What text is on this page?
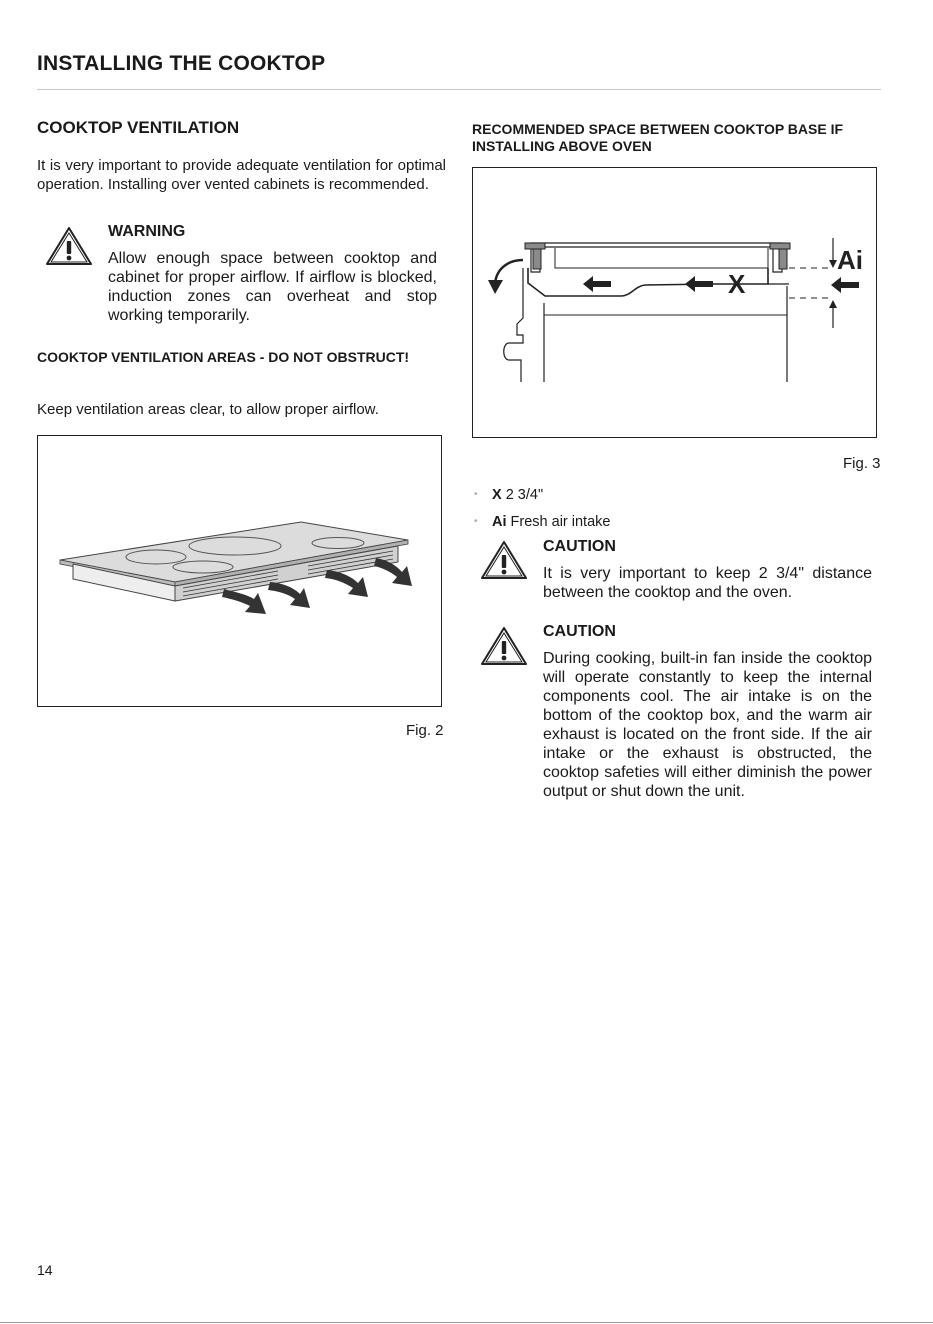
INSTALLING THE COOKTOP
COOKTOP VENTILATION
It is very important to provide adequate ventilation for optimal operation. Installing over vented cabinets is recommended.
WARNING
Allow enough space between cooktop and cabinet for proper airflow. If airflow is blocked, induction zones can overheat and stop working temporarily.
COOKTOP VENTILATION AREAS - DO NOT OBSTRUCT!
Keep ventilation areas clear, to allow proper airflow.
Fig. 2
RECOMMENDED SPACE BETWEEN COOKTOP BASE IF INSTALLING ABOVE OVEN
X
Ai
Fig. 3
• X 2 3/4"
• Ai Fresh air intake
CAUTION
It is very important to keep 2 3/4" distance between the cooktop and the oven.
CAUTION
During cooking, built-in fan inside the cooktop will operate constantly to keep the internal components cool. The air intake is on the bottom of the cooktop box, and the warm air exhaust is located on the front side. If the air intake or the exhaust is obstructed, the cooktop safeties will either diminish the power output or shut down the unit.
14
